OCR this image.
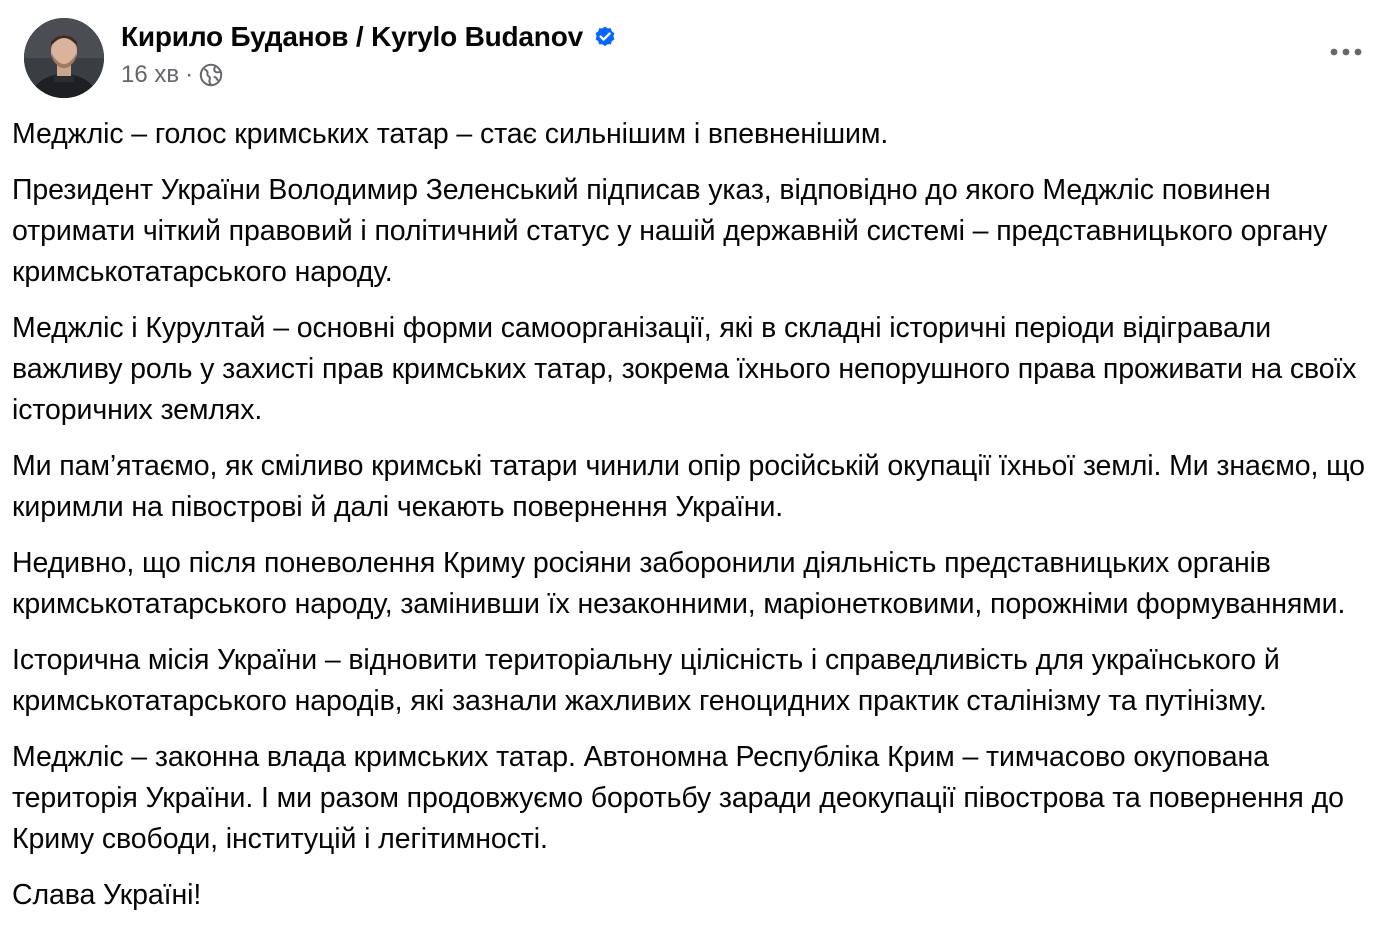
Кирило Буданов / Kyrylo Budanov
16 хв ·

Меджліс – голос кримських татар – стає сильнішим і впевненішим.

Президент України Володимир Зеленський підписав указ, відповідно до якого Меджліс повинен отримати чіткий правовий і політичний статус у нашій державній системі – представницького органу кримськотатарського народу.

Меджліс і Курултай – основні форми самоорганізації, які в складні історичні періоди відігравали важливу роль у захисті прав кримських татар, зокрема їхнього непорушного права проживати на своїх історичних землях.

Ми пам’ятаємо, як сміливо кримські татари чинили опір російській окупації їхньої землі. Ми знаємо, що киримли на півострові й далі чекають повернення України.

Недивно, що після поневолення Криму росіяни заборонили діяльність представницьких органів кримськотатарського народу, замінивши їх незаконними, маріонетковими, порожніми формуваннями.

Історична місія України – відновити територіальну цілісність і справедливість для українського й кримськотатарського народів, які зазнали жахливих геноцидних практик сталінізму та путінізму.

Меджліс – законна влада кримських татар. Автономна Республіка Крим – тимчасово окупована територія України. І ми разом продовжуємо боротьбу заради деокупації півострова та повернення до Криму свободи, інституцій і легітимності.

Слава Україні!
